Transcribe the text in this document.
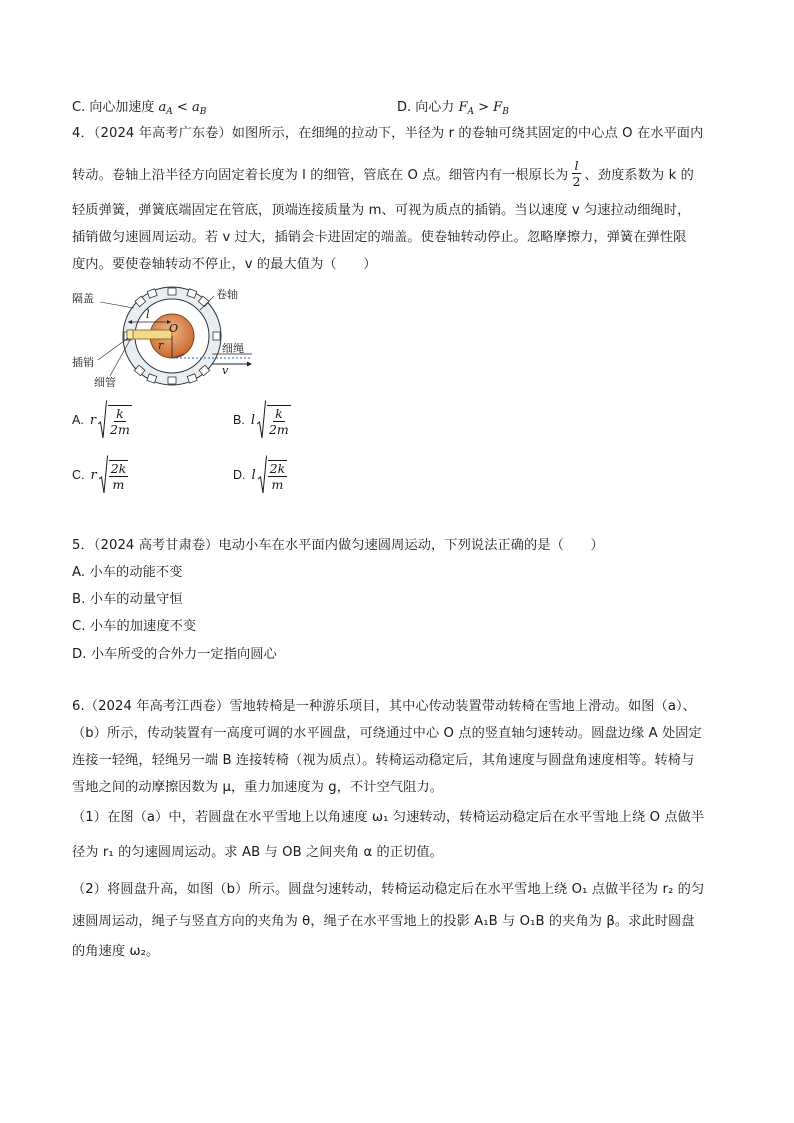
C. 向心加速度 $a_A < a_B$	D. 向心力 $F_A > F_B$
4．（2024 年高考广东卷）如图所示，在细绳的拉动下，半径为 r 的卷轴可绕其固定的中心点 O 在水平面内
转动。卷轴上沿半径方向固定着长度为 l 的细管，管底在 O 点。细管内有一根原长为 $\frac{l}{2}$ 、劲度系数为 k 的
轻质弹簧，弹簧底端固定在管底，顶端连接质量为 m、可视为质点的插销。当以速度 v 匀速拉动细绳时，
插销做匀速圆周运动。若 v 过大，插销会卡进固定的端盖。使卷轴转动停止。忽略摩擦力，弹簧在弹性限
度内。要使卷轴转动不停止，v 的最大值为（　　）
隔盖	卷轴
l
O
r
插销
细绳
细管
v
A. r $\frac{k}{2m}$	B. l $\frac{k}{2m}$
C. r $\frac{2k}{m}$	D. l $\frac{2k}{m}$
5．（2024 高考甘肃卷）电动小车在水平面内做匀速圆周运动，下列说法正确的是（　　）
A. 小车的动能不变
B. 小车的动量守恒
C. 小车的加速度不变
D. 小车所受的合外力一定指向圆心
6.（2024 年高考江西卷）雪地转椅是一种游乐项目，其中心传动装置带动转椅在雪地上滑动。如图（a）、
（b）所示，传动装置有一高度可调的水平圆盘，可绕通过中心 O 点的竖直轴匀速转动。圆盘边缘 A 处固定
连接一轻绳，轻绳另一端 B 连接转椅（视为质点）。转椅运动稳定后，其角速度与圆盘角速度相等。转椅与
雪地之间的动摩擦因数为 μ，重力加速度为 g，不计空气阻力。
（1）在图（a）中，若圆盘在水平雪地上以角速度 ω₁ 匀速转动，转椅运动稳定后在水平雪地上绕 O 点做半
径为 r₁ 的匀速圆周运动。求 AB 与 OB 之间夹角 α 的正切值。
（2）将圆盘升高，如图（b）所示。圆盘匀速转动，转椅运动稳定后在水平雪地上绕 O₁ 点做半径为 r₂ 的匀
速圆周运动，绳子与竖直方向的夹角为 θ，绳子在水平雪地上的投影 A₁B 与 O₁B 的夹角为 β。求此时圆盘
的角速度 ω₂。
